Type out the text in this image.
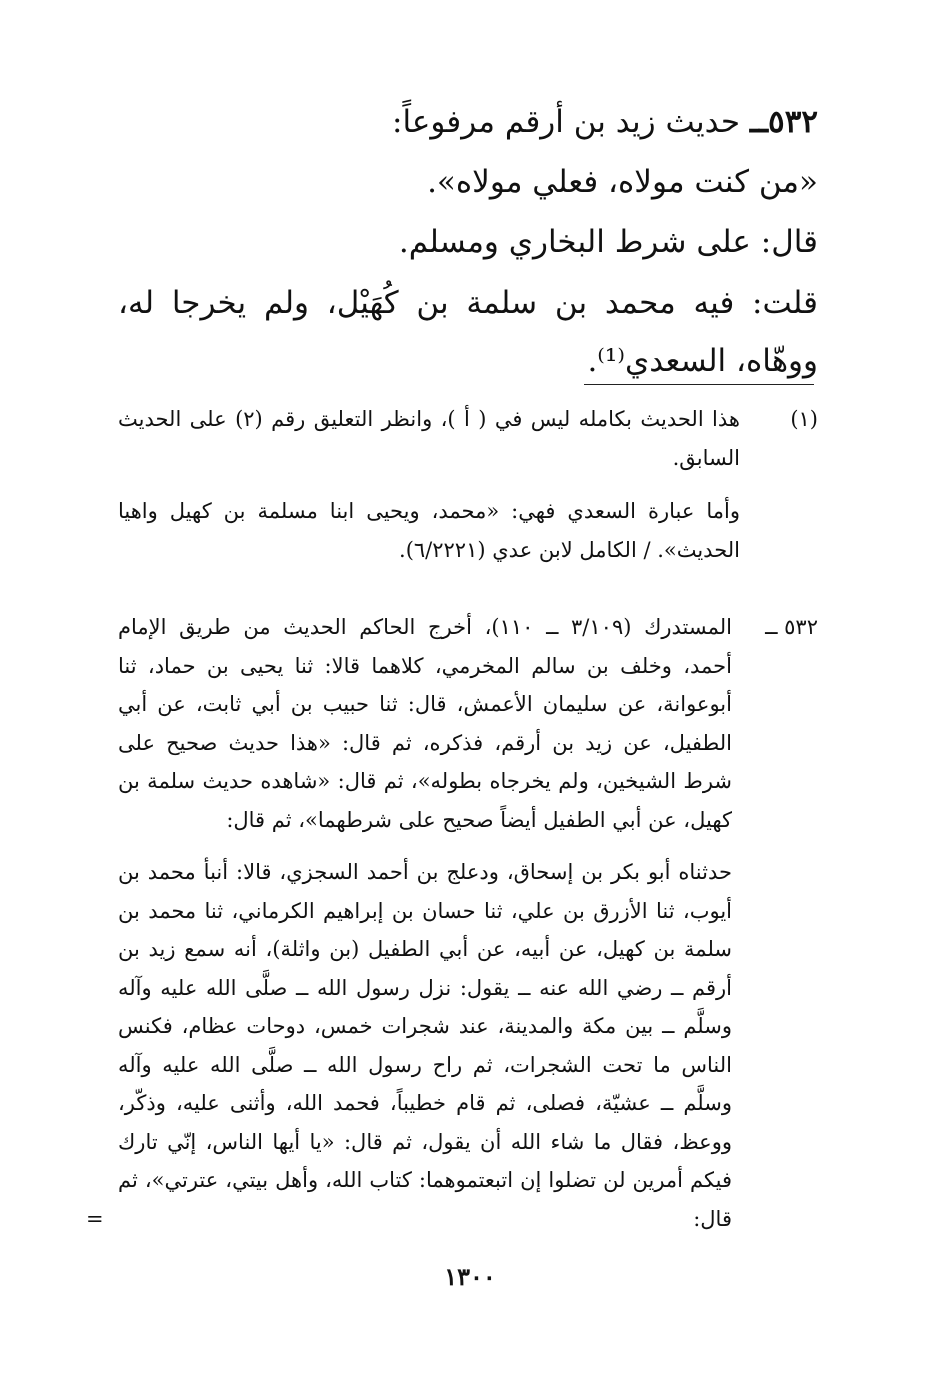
٥٣٢ــ حديث زيد بن أرقم مرفوعاً:
«من كنت مولاه، فعلي مولاه».
قال: على شرط البخاري ومسلم.
قلت: فيه محمد بن سلمة بن كُهَيْل، ولم يخرجا له، ووهّاه، السعدي⁽¹⁾.
(١)
هذا الحديث بكامله ليس في ( أ )، وانظر التعليق رقم (٢) على الحديث السابق.
وأما عبارة السعدي فهي: «محمد، ويحيى ابنا مسلمة بن كهيل واهيا الحديث». / الكامل لابن عدي (٦/٢٢٢١).
٥٣٢ ــ
المستدرك (٣/١٠٩ ــ ١١٠)، أخرج الحاكم الحديث من طريق الإمام أحمد، وخلف بن سالم المخرمي، كلاهما قالا: ثنا يحيى بن حماد، ثنا أبوعوانة، عن سليمان الأعمش، قال: ثنا حبيب بن أبي ثابت، عن أبي الطفيل، عن زيد بن أرقم، فذكره، ثم قال: «هذا حديث صحيح على شرط الشيخين، ولم يخرجاه بطوله»، ثم قال: «شاهده حديث سلمة بن كهيل، عن أبي الطفيل أيضاً صحيح على شرطهما»، ثم قال:
حدثناه أبو بكر بن إسحاق، ودعلج بن أحمد السجزي، قالا: أنبأ محمد بن أيوب، ثنا الأزرق بن علي، ثنا حسان بن إبراهيم الكرماني، ثنا محمد بن سلمة بن كهيل، عن أبيه، عن أبي الطفيل (بن واثلة)، أنه سمع زيد بن أرقم ــ رضي الله عنه ــ يقول: نزل رسول الله ــ صلَّى الله عليه وآله وسلَّم ــ بين مكة والمدينة، عند شجرات خمس، دوحات عظام، فكنس الناس ما تحت الشجرات، ثم راح رسول الله ــ صلَّى الله عليه وآله وسلَّم ــ عشيّة، فصلى، ثم قام خطيباً، فحمد الله، وأثنى عليه، وذكّر، ووعظ، فقال ما شاء الله أن يقول، ثم قال: «يا أيها الناس، إنّي تارك فيكم أمرين لن تضلوا إن اتبعتموهما: كتاب الله، وأهل بيتي، عترتي»، ثم قال:
=
١٣٠٠
